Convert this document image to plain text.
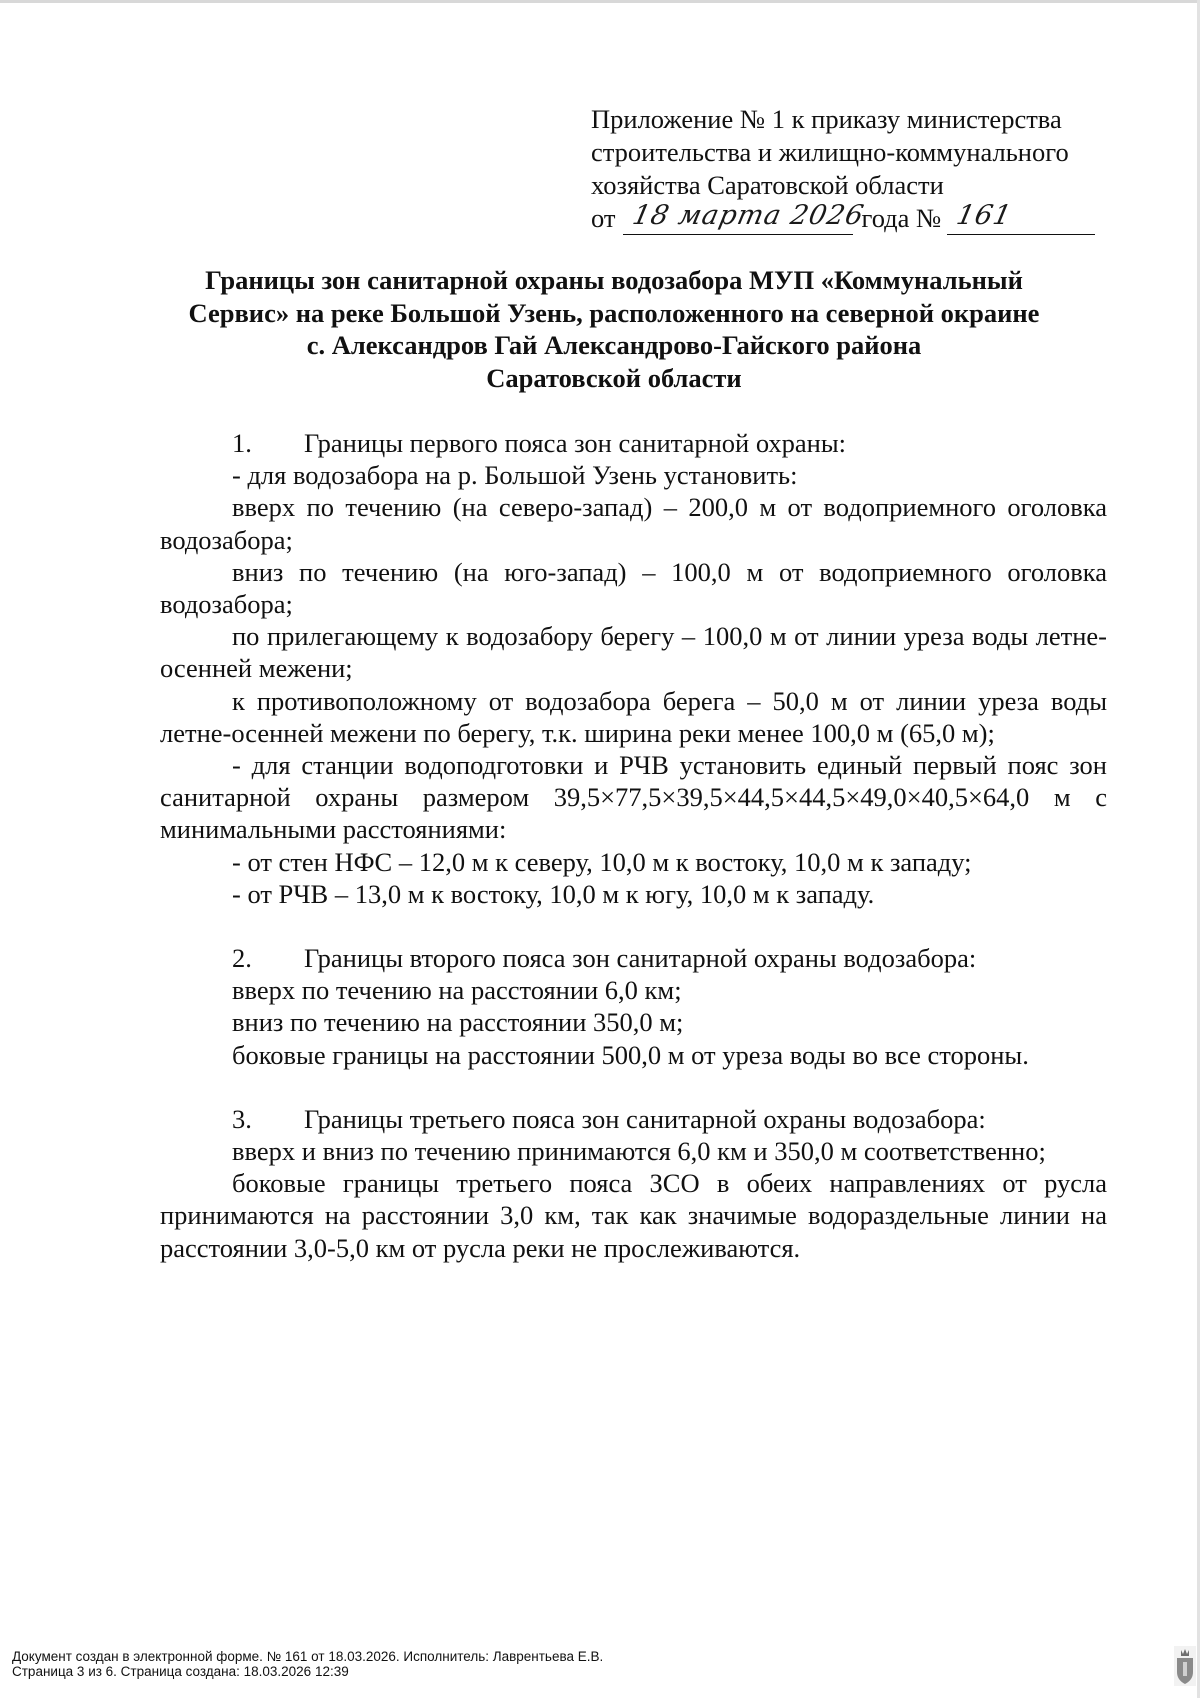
Приложение № 1 к приказу министерства
строительства и жилищно-коммунального
хозяйства Саратовской области
от 18 марта 2026
года № 161
Границы зон санитарной охраны водозабора МУП «Коммунальный
Сервис» на реке Большой Узень, расположенного на северной окраине
с. Александров Гай Александрово-Гайского района
Саратовской области
1.	Границы первого пояса зон санитарной охраны:

- для водозабора на р. Большой Узень установить:

вверх по течению (на северо-запад) – 200,0 м от водоприемного оголовка водозабора;

вниз по течению (на юго-запад) – 100,0 м от водоприемного оголовка водозабора;

по прилегающему к водозабору берегу – 100,0 м от линии уреза воды летне-осенней межени;

к противоположному от водозабора берега – 50,0 м от линии уреза воды летне-осенней межени по берегу, т.к. ширина реки менее 100,0 м (65,0 м);

- для станции водоподготовки и РЧВ установить единый первый пояс зон санитарной охраны размером 39,5×77,5×39,5×44,5×44,5×49,0×40,5×64,0 м с минимальными расстояниями:

- от стен НФС – 12,0 м к северу, 10,0 м к востоку, 10,0 м к западу;

- от РЧВ – 13,0 м к востоку, 10,0 м к югу, 10,0 м к западу.

2.	Границы второго пояса зон санитарной охраны водозабора:

вверх по течению на расстоянии 6,0 км;

вниз по течению на расстоянии 350,0 м;

боковые границы на расстоянии 500,0 м от уреза воды во все стороны.

3.	Границы третьего пояса зон санитарной охраны водозабора:

вверх и вниз по течению принимаются 6,0 км и 350,0 м соответственно;

боковые границы третьего пояса ЗСО в обеих направлениях от русла принимаются на расстоянии 3,0 км, так как значимые водораздельные линии на расстоянии 3,0-5,0 км от русла реки не прослеживаются.

Документ создан в электронной форме. № 161 от 18.03.2026. Исполнитель: Лаврентьева Е.В.
Страница 3 из 6. Страница создана: 18.03.2026 12:39
